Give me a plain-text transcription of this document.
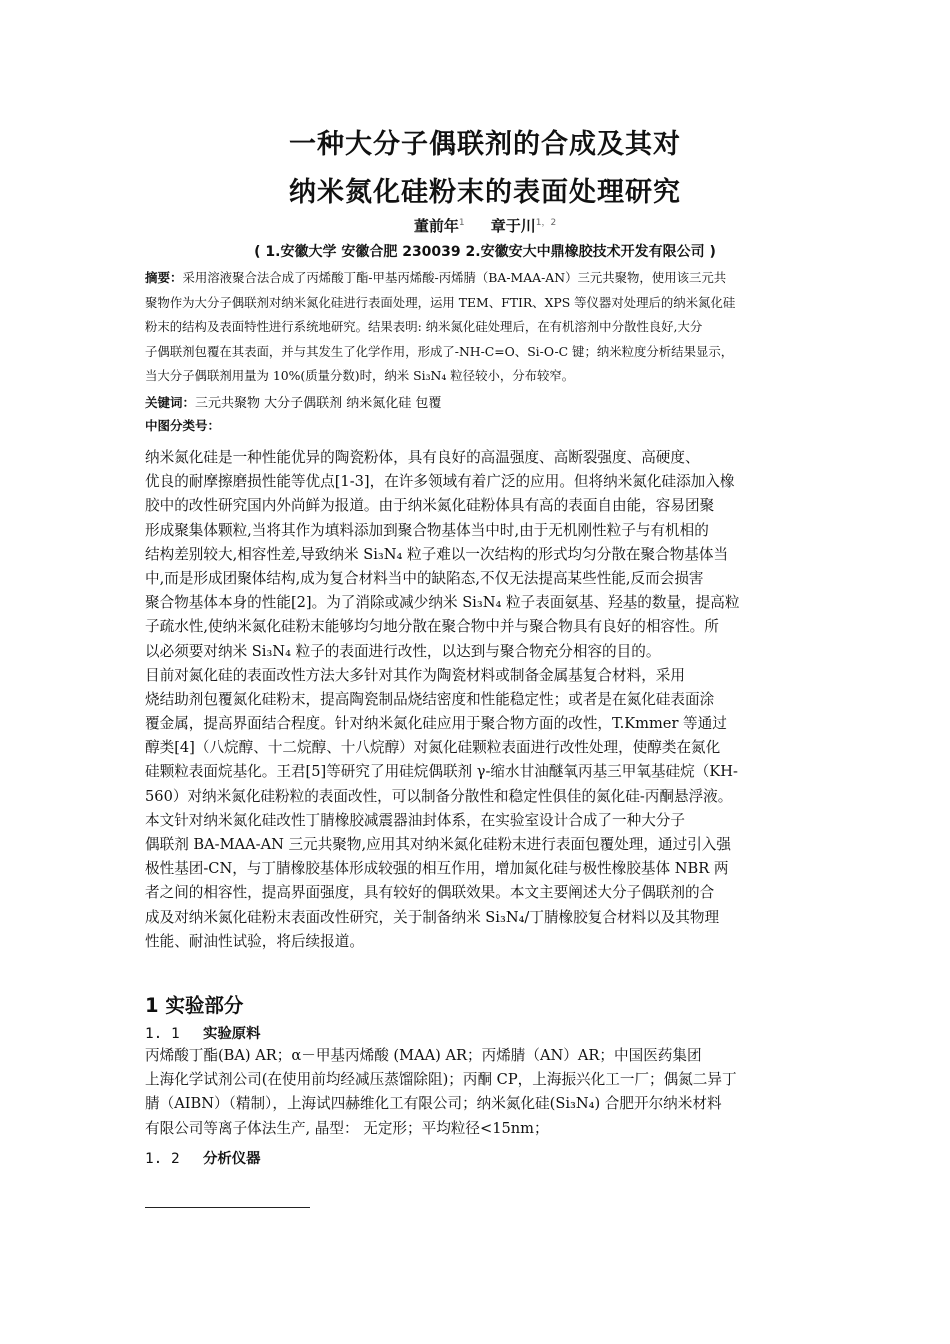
一种大分子偶联剂的合成及其对
纳米氮化硅粉末的表面处理研究
董前年$^1$ 章于川$^{1,2}$
( 1.安徽大学 安徽合肥 230039 2.安徽安大中鼎橡胶技术开发有限公司 )
摘要：采用溶液聚合法合成了丙烯酸丁酯-甲基丙烯酸-丙烯腈（BA-MAA-AN）三元共聚物，使用该三元共
聚物作为大分子偶联剂对纳米氮化硅进行表面处理，运用 TEM、FTIR、XPS 等仪器对处理后的纳米氮化硅
粉末的结构及表面特性进行系统地研究。结果表明: 纳米氮化硅处理后，在有机溶剂中分散性良好,大分
子偶联剂包覆在其表面，并与其发生了化学作用，形成了-NH-C=O、Si-O-C 键；纳米粒度分析结果显示，
当大分子偶联剂用量为 10%(质量分数)时，纳米 Si₃N₄ 粒径较小，分布较窄。
关键词：三元共聚物 大分子偶联剂 纳米氮化硅 包覆
中图分类号：
纳米氮化硅是一种性能优异的陶瓷粉体，具有良好的高温强度、高断裂强度、高硬度、
优良的耐摩擦磨损性能等优点[1-3]，在许多领域有着广泛的应用。但将纳米氮化硅添加入橡
胶中的改性研究国内外尚鲜为报道。由于纳米氮化硅粉体具有高的表面自由能，容易团聚
形成聚集体颗粒,当将其作为填料添加到聚合物基体当中时,由于无机刚性粒子与有机相的
结构差别较大,相容性差,导致纳米 Si₃N₄ 粒子难以一次结构的形式均匀分散在聚合物基体当
中,而是形成团聚体结构,成为复合材料当中的缺陷态,不仅无法提高某些性能,反而会损害
聚合物基体本身的性能[2]。为了消除或减少纳米 Si₃N₄ 粒子表面氨基、羟基的数量，提高粒
子疏水性,使纳米氮化硅粉末能够均匀地分散在聚合物中并与聚合物具有良好的相容性。所
以必须要对纳米 Si₃N₄ 粒子的表面进行改性，以达到与聚合物充分相容的目的。
目前对氮化硅的表面改性方法大多针对其作为陶瓷材料或制备金属基复合材料，采用
烧结助剂包覆氮化硅粉末，提高陶瓷制品烧结密度和性能稳定性；或者是在氮化硅表面涂
覆金属，提高界面结合程度。针对纳米氮化硅应用于聚合物方面的改性，T.Kmmer 等通过
醇类[4]（八烷醇、十二烷醇、十八烷醇）对氮化硅颗粒表面进行改性处理，使醇类在氮化
硅颗粒表面烷基化。王君[5]等研究了用硅烷偶联剂 γ-缩水甘油醚氧丙基三甲氧基硅烷（KH-
560）对纳米氮化硅粉粒的表面改性，可以制备分散性和稳定性俱佳的氮化硅-丙酮悬浮液。
本文针对纳米氮化硅改性丁腈橡胶减震器油封体系，在实验室设计合成了一种大分子
偶联剂 BA-MAA-AN 三元共聚物,应用其对纳米氮化硅粉末进行表面包覆处理，通过引入强
极性基团-CN，与丁腈橡胶基体形成较强的相互作用，增加氮化硅与极性橡胶基体 NBR 两
者之间的相容性，提高界面强度，具有较好的偶联效果。本文主要阐述大分子偶联剂的合
成及对纳米氮化硅粉末表面改性研究，关于制备纳米 Si₃N₄/丁腈橡胶复合材料以及其物理
性能、耐油性试验，将后续报道。
1 实验部分
1. 1 实验原料
丙烯酸丁酯(BA) AR；α－甲基丙烯酸 (MAA) AR；丙烯腈（AN）AR；中国医药集团
上海化学试剂公司(在使用前均经减压蒸馏除阻)；丙酮 CP，上海振兴化工一厂；偶氮二异丁
腈（AIBN）（精制），上海试四赫维化工有限公司；纳米氮化硅(Si₃N₄) 合肥开尔纳米材料
有限公司等离子体法生产, 晶型： 无定形；平均粒径<15nm；
1. 2 分析仪器
